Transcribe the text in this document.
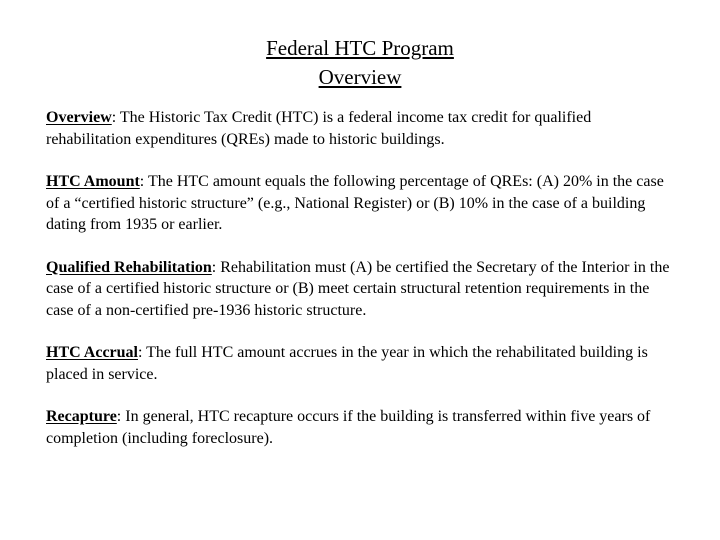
Federal HTC Program
Overview

Overview: The Historic Tax Credit (HTC) is a federal income tax credit for qualified rehabilitation expenditures (QREs) made to historic buildings.

HTC Amount: The HTC amount equals the following percentage of QREs: (A) 20% in the case of a “certified historic structure” (e.g., National Register) or (B) 10% in the case of a building dating from 1935 or earlier.

Qualified Rehabilitation: Rehabilitation must (A) be certified the Secretary of the Interior in the case of a certified historic structure or (B) meet certain structural retention requirements in the case of a non-certified pre-1936 historic structure.

HTC Accrual: The full HTC amount accrues in the year in which the rehabilitated building is placed in service.

Recapture: In general, HTC recapture occurs if the building is transferred within five years of completion (including foreclosure).
